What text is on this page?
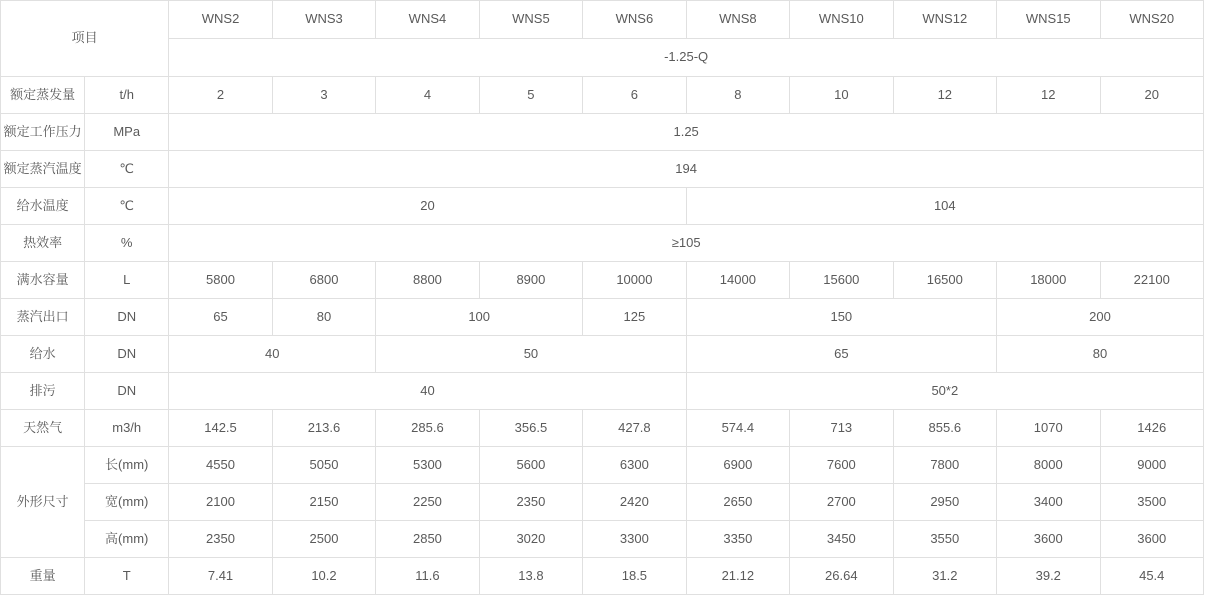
项目		WNS2	WNS3	WNS4	WNS5	WNS6	WNS8	WNS10	WNS12	WNS15	WNS20
		-1.25-Q									
额定蒸发量	t/h	2	3	4	5	6	8	10	12	12	20
额定工作压力	MPa	1.25									
额定蒸汽温度	℃	194									
给水温度	℃	20					104				
热效率	%	≥105									
满水容量	L	5800	6800	8800	8900	10000	14000	15600	16500	18000	22100
蒸汽出口	DN	65	80	100		125	150			200	
给水	DN	40		50			65			80	
排污	DN	40					50*2				
天然气	m3/h	142.5	213.6	285.6	356.5	427.8	574.4	713	855.6	1070	1426
外形尺寸	长(mm)	4550	5050	5300	5600	6300	6900	7600	7800	8000	9000
	宽(mm)	2100	2150	2250	2350	2420	2650	2700	2950	3400	3500
	高(mm)	2350	2500	2850	3020	3300	3350	3450	3550	3600	3600
重量	T	7.41	10.2	11.6	13.8	18.5	21.12	26.64	31.2	39.2	45.4
